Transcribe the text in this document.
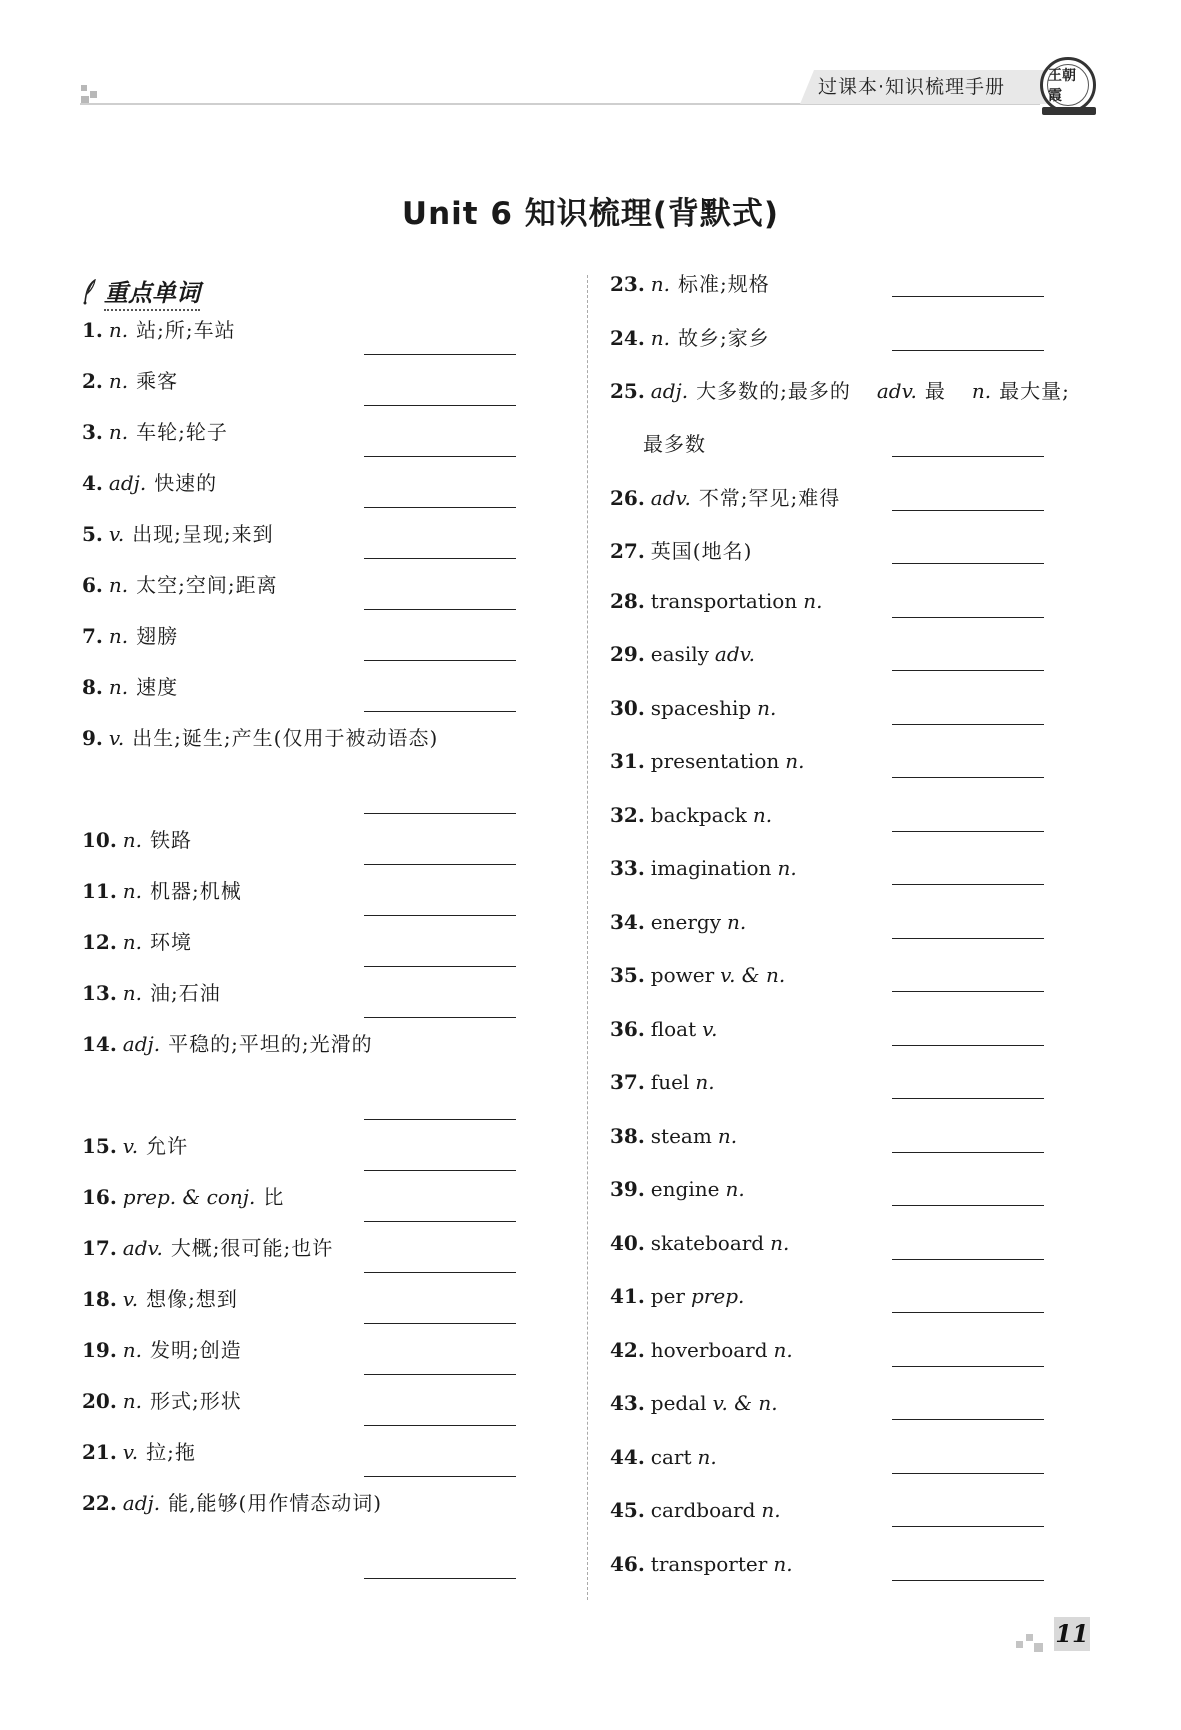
过课本·知识梳理手册	王朝霞
Unit 6 知识梳理(背默式)
重点单词
1. n. 站;所;车站
2. n. 乘客
3. n. 车轮;轮子
4. adj. 快速的
5. v. 出现;呈现;来到
6. n. 太空;空间;距离
7. n. 翅膀
8. n. 速度
9. v. 出生;诞生;产生(仅用于被动语态)
10. n. 铁路
11. n. 机器;机械
12. n. 环境
13. n. 油;石油
14. adj. 平稳的;平坦的;光滑的
15. v. 允许
16. prep. & conj. 比
17. adv. 大概;很可能;也许
18. v. 想像;想到
19. n. 发明;创造
20. n. 形式;形状
21. v. 拉;拖
22. adj. 能,能够(用作情态动词)
23. n. 标准;规格
24. n. 故乡;家乡
25. adj. 大多数的;最多的 adv. 最 n. 最大量;
最多数
26. adv. 不常;罕见;难得
27. 英国(地名)
28. transportation n.
29. easily adv.
30. spaceship n.
31. presentation n.
32. backpack n.
33. imagination n.
34. energy n.
35. power v. & n.
36. float v.
37. fuel n.
38. steam n.
39. engine n.
40. skateboard n.
41. per prep.
42. hoverboard n.
43. pedal v. & n.
44. cart n.
45. cardboard n.
46. transporter n.
11
